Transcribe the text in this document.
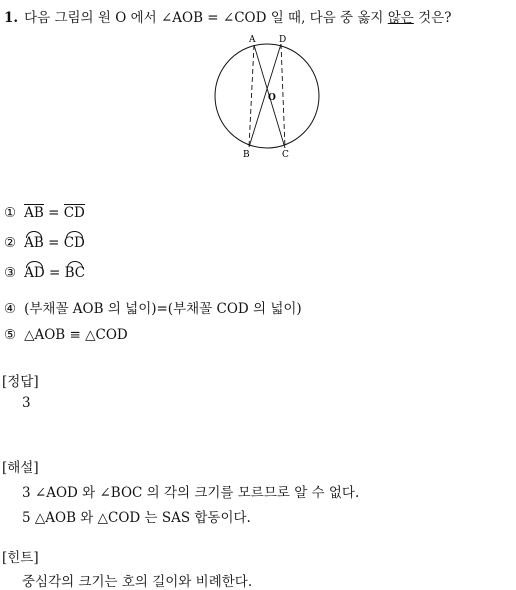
1. 다음 그림의 원 O 에서 ∠AOB = ∠COD 일 때, 다음 중 옳지 않은 것은?
A	D
O
B	C
① AB = CD
② AB = CD
③ AD = BC
④ (부채꼴 AOB 의 넓이)=(부채꼴 COD 의 넓이)
⑤ △AOB ≡ △COD
[정답]
3
[해설]
3 ∠AOD 와 ∠BOC 의 각의 크기를 모르므로 알 수 없다.
5 △AOB 와 △COD 는 SAS 합동이다.
[힌트]
중심각의 크기는 호의 길이와 비례한다.
